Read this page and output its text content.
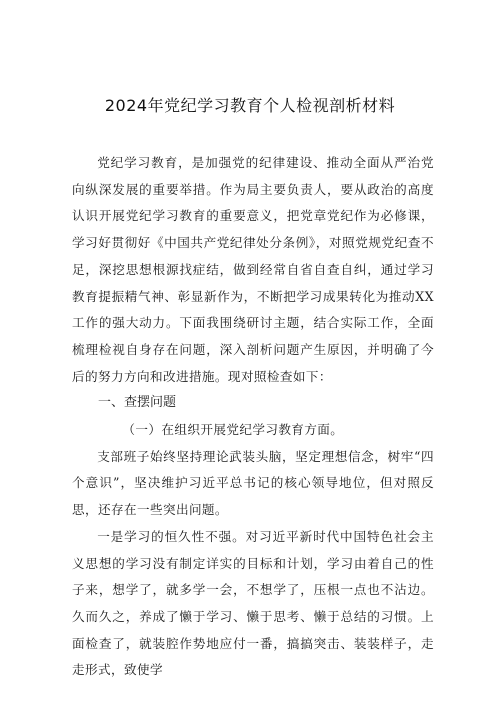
2024年党纪学习教育个人检视剖析材料

党纪学习教育，是加强党的纪律建设、推动全面从严治党向纵深发展的重要举措。作为局主要负责人，要从政治的高度认识开展党纪学习教育的重要意义，把党章党纪作为必修课，学习好贯彻好《中国共产党纪律处分条例》，对照党规党纪查不足，深挖思想根源找症结，做到经常自省自查自纠，通过学习教育提振精气神、彰显新作为，不断把学习成果转化为推动XX工作的强大动力。下面我围绕研讨主题，结合实际工作，全面梳理检视自身存在问题，深入剖析问题产生原因，并明确了今后的努力方向和改进措施。现对照检查如下：

一、查摆问题

（一）在组织开展党纪学习教育方面。

支部班子始终坚持理论武装头脑，坚定理想信念，树牢“四个意识”，坚决维护习近平总书记的核心领导地位，但对照反思，还存在一些突出问题。

一是学习的恒久性不强。对习近平新时代中国特色社会主义思想的学习没有制定详实的目标和计划，学习由着自己的性子来，想学了，就多学一会，不想学了，压根一点也不沾边。久而久之，养成了懒于学习、懒于思考、懒于总结的习惯。上面检查了，就装腔作势地应付一番，搞搞突击、装装样子，走走形式，致使学
